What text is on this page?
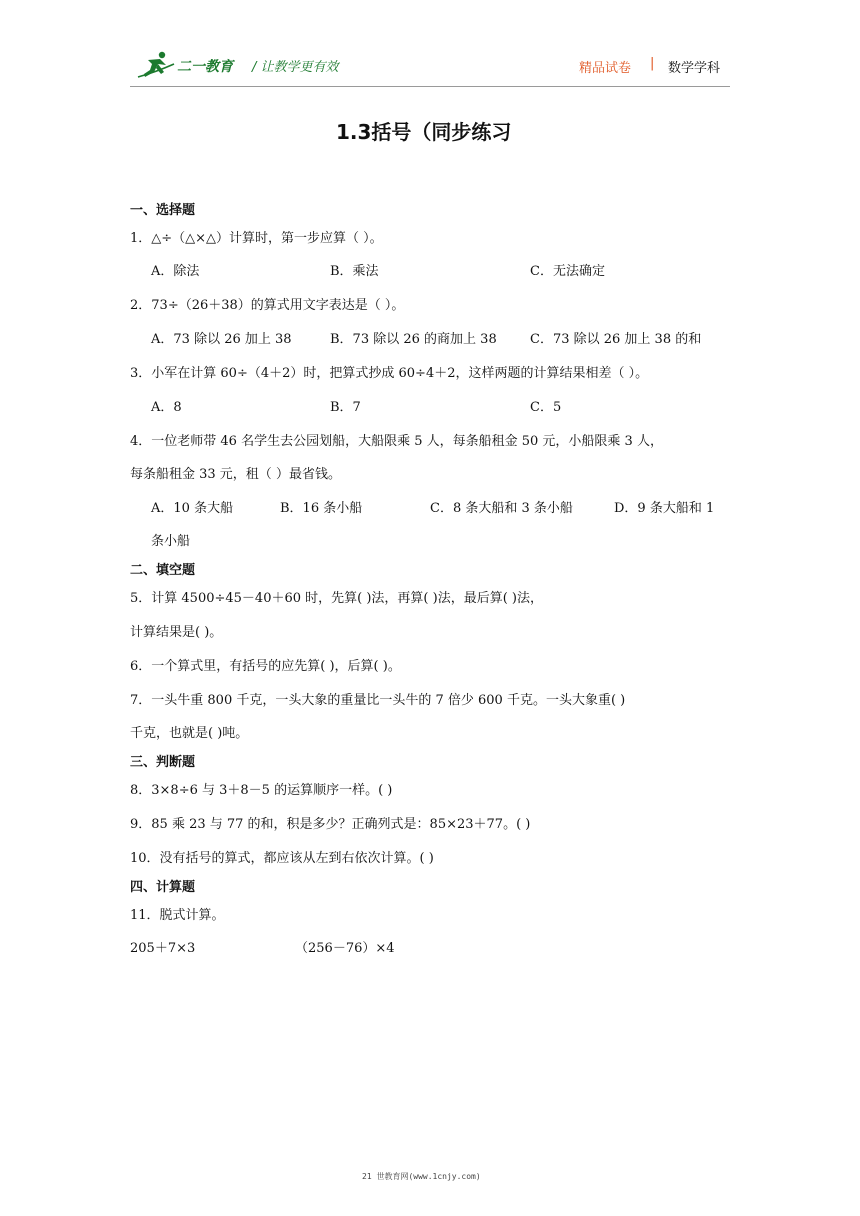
二一教育 / 让教学更有效	精品试卷 | 数学学科
1.3括号（同步练习
一、选择题
1．△÷（△×△）计算时，第一步应算（ ）。
A．除法	B．乘法	C．无法确定
2．73÷（26＋38）的算式用文字表达是（ ）。
A．73 除以 26 加上 38	B．73 除以 26 的商加上 38	C．73 除以 26 加上 38 的和
3．小军在计算 60÷（4＋2）时，把算式抄成 60÷4＋2，这样两题的计算结果相差（ ）。
A．8	B．7	C．5
4．一位老师带 46 名学生去公园划船，大船限乘 5 人，每条船租金 50 元，小船限乘 3 人，
每条船租金 33 元，租（ ）最省钱。
A．10 条大船	B．16 条小船	C．8 条大船和 3 条小船	D．9 条大船和 1
条小船
二、填空题
5．计算 4500÷45－40＋60 时，先算( )法，再算( )法，最后算( )法，
计算结果是( )。
6．一个算式里，有括号的应先算( )，后算( )。
7．一头牛重 800 千克，一头大象的重量比一头牛的 7 倍少 600 千克。一头大象重( )
千克，也就是( )吨。
三、判断题
8．3×8÷6 与 3＋8－5 的运算顺序一样。( )
9．85 乘 23 与 77 的和，积是多少？正确列式是：85×23＋77。( )
10．没有括号的算式，都应该从左到右依次计算。( )
四、计算题
11．脱式计算。
205＋7×3	（256－76）×4
21 世教育网(www.1cnjy.com)
